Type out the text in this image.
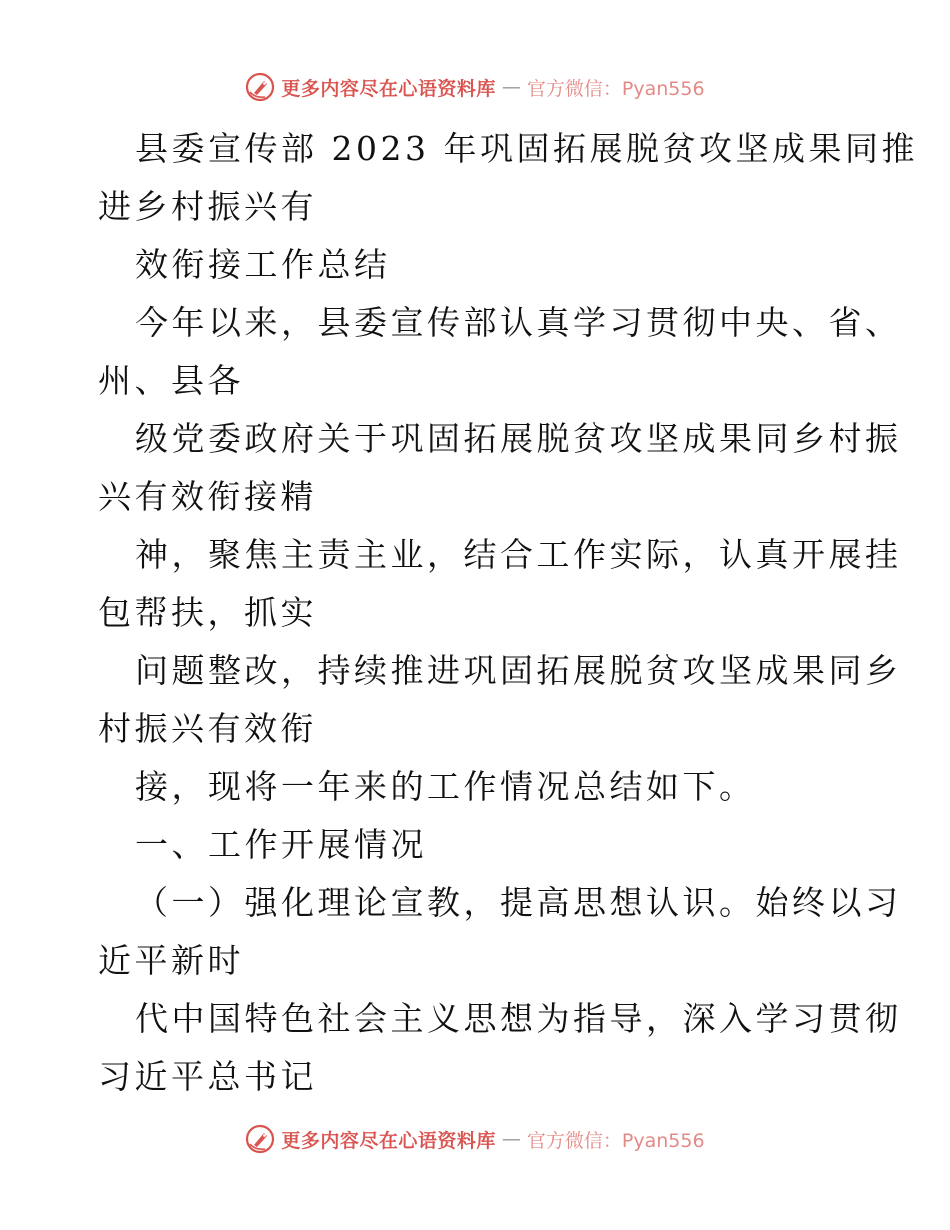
更多内容尽在心语资料库 — 官方微信：Pyan556
县委宣传部 2023 年巩固拓展脱贫攻坚成果同推
进乡村振兴有
效衔接工作总结
今年以来，县委宣传部认真学习贯彻中央、省、
州、县各
级党委政府关于巩固拓展脱贫攻坚成果同乡村振
兴有效衔接精
神，聚焦主责主业，结合工作实际，认真开展挂
包帮扶，抓实
问题整改，持续推进巩固拓展脱贫攻坚成果同乡
村振兴有效衔
接，现将一年来的工作情况总结如下。
一、工作开展情况
（一）强化理论宣教，提高思想认识。始终以习
近平新时
代中国特色社会主义思想为指导，深入学习贯彻
习近平总书记
更多内容尽在心语资料库 — 官方微信：Pyan556
